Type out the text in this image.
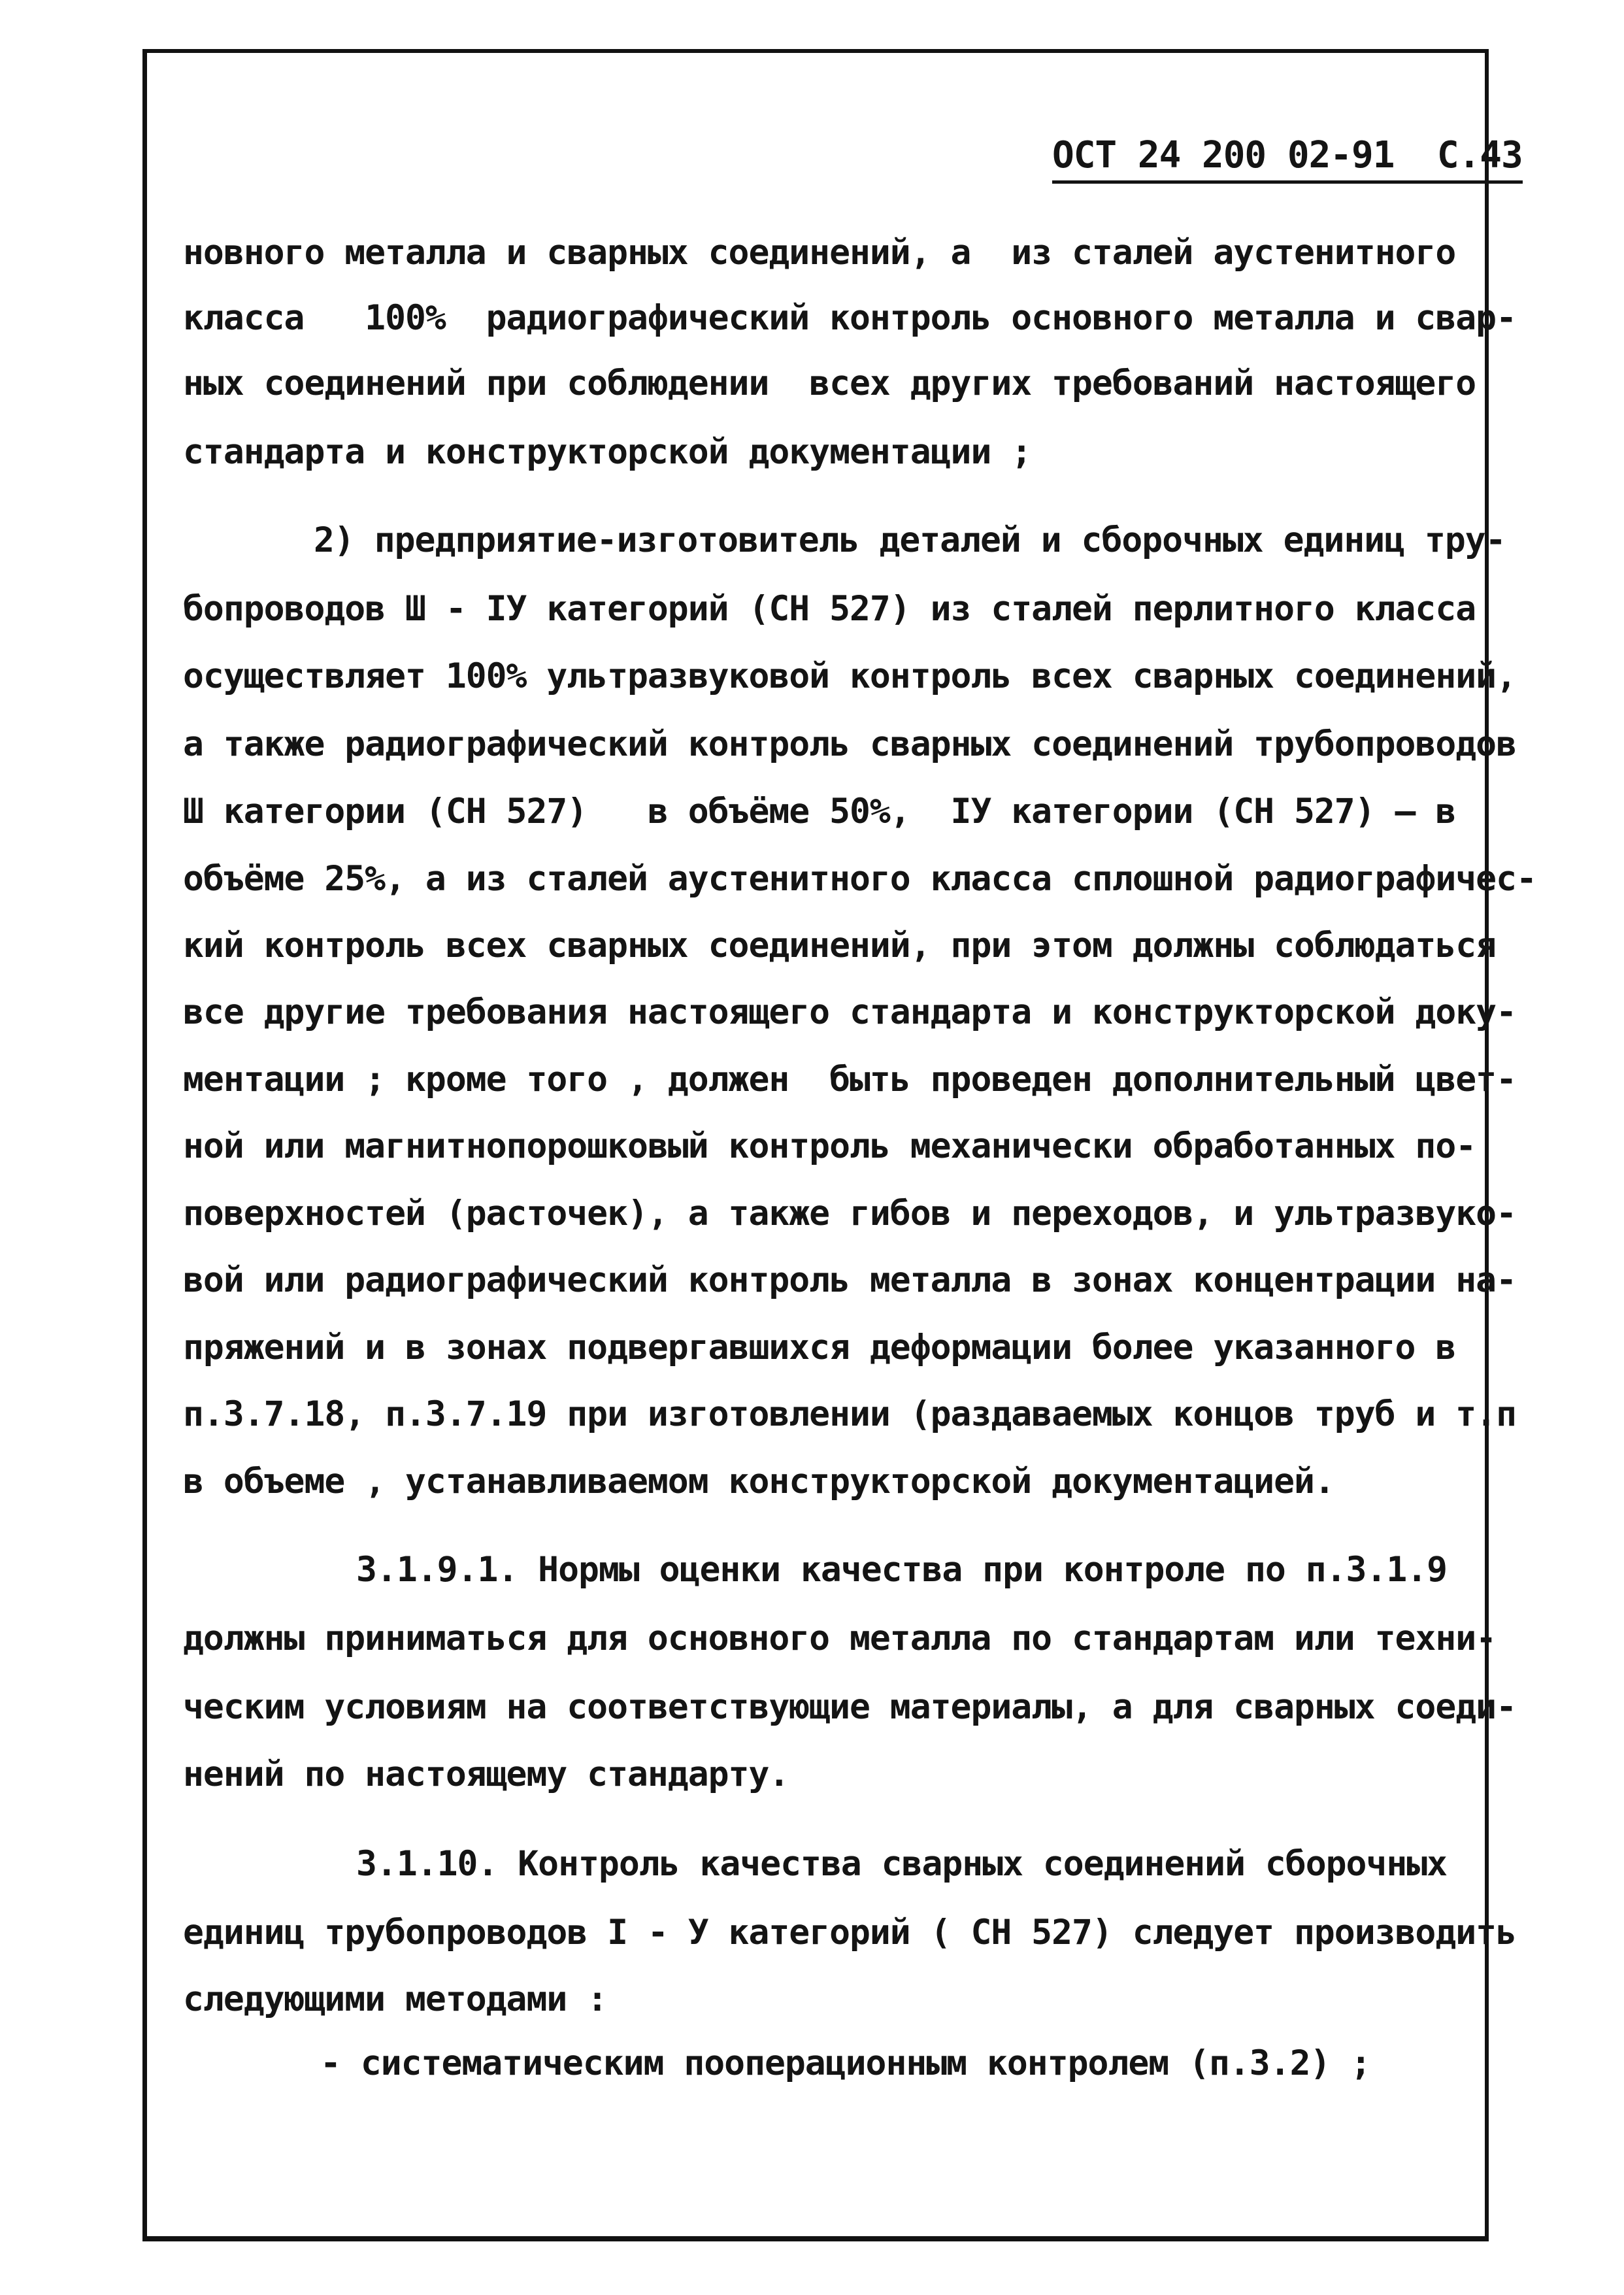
ОСТ 24 200 02-91  С.43
новного металла и сварных соединений, а  из сталей аустенитного
класса   100%  радиографический контроль основного металла и свар-
ных соединений при соблюдении  всех других требований настоящего
стандарта и конструкторской документации ;
2) предприятие-изготовитель деталей и сборочных единиц тру-
бопроводов Ш - IУ категорий (СН 527) из сталей перлитного класса
осуществляет 100% ультразвуковой контроль всех сварных соединений,
а также радиографический контроль сварных соединений трубопроводов
Ш категории (СН 527)   в объёме 50%,  IУ категории (СН 527) — в
объёме 25%, а из сталей аустенитного класса сплошной радиографичес-
кий контроль всех сварных соединений, при этом должны соблюдаться
все другие требования настоящего стандарта и конструкторской доку-
ментации ; кроме того , должен  быть проведен дополнительный цвет-
ной или магнитнопорошковый контроль механически обработанных по-
поверхностей (расточек), а также гибов и переходов, и ультразвуко-
вой или радиографический контроль металла в зонах концентрации на-
пряжений и в зонах подвергавшихся деформации более указанного в
п.3.7.18, п.3.7.19 при изготовлении (раздаваемых концов труб и т.п
в объеме , устанавливаемом конструкторской документацией.
3.1.9.1. Нормы оценки качества при контроле по п.3.1.9
должны приниматься для основного металла по стандартам или техни-
ческим условиям на соответствующие материалы, а для сварных соеди-
нений по настоящему стандарту.
3.1.10. Контроль качества сварных соединений сборочных
единиц трубопроводов I - У категорий ( СН 527) следует производить
следующими методами :
- систематическим пооперационным контролем (п.3.2) ;
